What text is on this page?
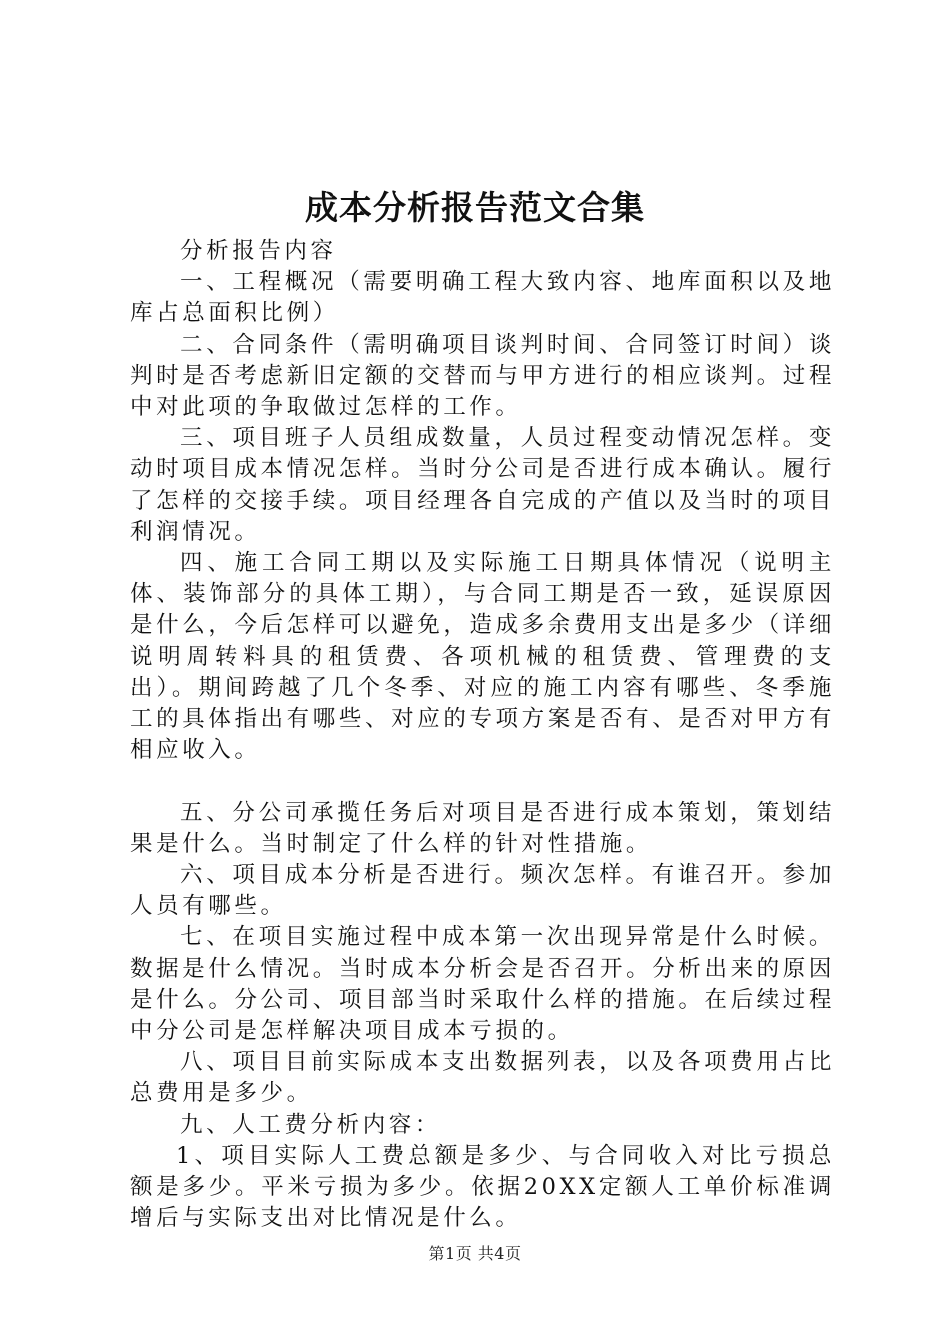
成本分析报告范文合集

分析报告内容

一、工程概况（需要明确工程大致内容、地库面积以及地库占总面积比例）

二、合同条件（需明确项目谈判时间、合同签订时间）谈判时是否考虑新旧定额的交替而与甲方进行的相应谈判。过程中对此项的争取做过怎样的工作。

三、项目班子人员组成数量，人员过程变动情况怎样。变动时项目成本情况怎样。当时分公司是否进行成本确认。履行了怎样的交接手续。项目经理各自完成的产值以及当时的项目利润情况。

四、施工合同工期以及实际施工日期具体情况（说明主体、装饰部分的具体工期），与合同工期是否一致，延误原因是什么，今后怎样可以避免，造成多余费用支出是多少（详细说明周转料具的租赁费、各项机械的租赁费、管理费的支出）。期间跨越了几个冬季、对应的施工内容有哪些、冬季施工的具体指出有哪些、对应的专项方案是否有、是否对甲方有相应收入。

五、分公司承揽任务后对项目是否进行成本策划，策划结果是什么。当时制定了什么样的针对性措施。

六、项目成本分析是否进行。频次怎样。有谁召开。参加人员有哪些。

七、在项目实施过程中成本第一次出现异常是什么时候。数据是什么情况。当时成本分析会是否召开。分析出来的原因是什么。分公司、项目部当时采取什么样的措施。在后续过程中分公司是怎样解决项目成本亏损的。

八、项目目前实际成本支出数据列表，以及各项费用占比总费用是多少。

九、人工费分析内容：

1、项目实际人工费总额是多少、与合同收入对比亏损总额是多少。平米亏损为多少。依据20XX定额人工单价标准调增后与实际支出对比情况是什么。

第1页 共4页
